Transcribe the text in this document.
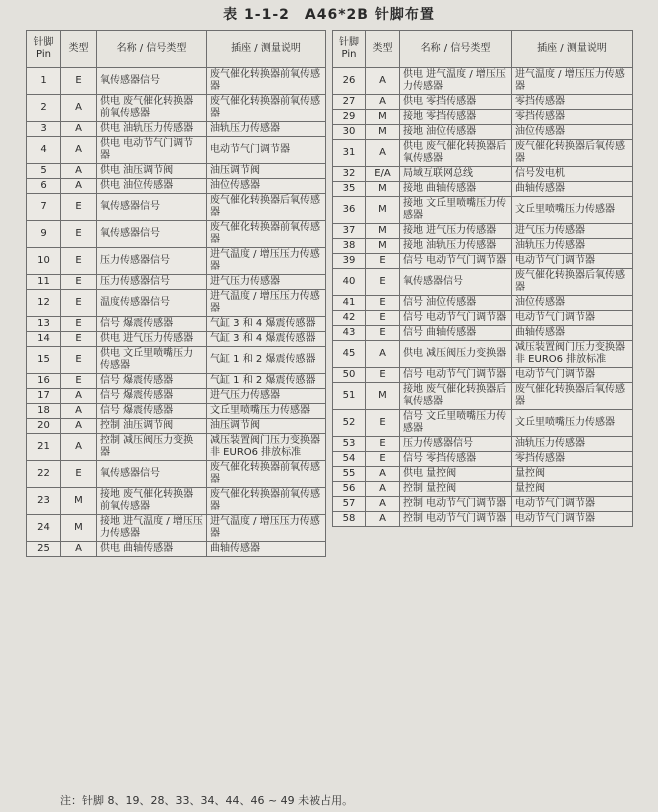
表 1-1-2　A46*2B 针脚布置
针脚 Pin	类型	名称 / 信号类型	插座 / 测量说明
1	E	氧传感器信号	废气催化转换器前氧传感器
2	A	供电 废气催化转换器前氧传感器	废气催化转换器前氧传感器
3	A	供电 油轨压力传感器	油轨压力传感器
4	A	供电 电动节气门调节器	电动节气门调节器
5	A	供电 油压调节阀	油压调节阀
6	A	供电 油位传感器	油位传感器
7	E	氧传感器信号	废气催化转换器后氧传感器
9	E	氧传感器信号	废气催化转换器前氧传感器
10	E	压力传感器信号	进气温度 / 增压压力传感器
11	E	压力传感器信号	进气压力传感器
12	E	温度传感器信号	进气温度 / 增压压力传感器
13	E	信号 爆震传感器	气缸 3 和 4 爆震传感器
14	E	供电 进气压力传感器	气缸 3 和 4 爆震传感器
15	E	供电 文丘里喷嘴压力传感器	气缸 1 和 2 爆震传感器
16	E	信号 爆震传感器	气缸 1 和 2 爆震传感器
17	A	信号 爆震传感器	进气压力传感器
18	A	信号 爆震传感器	文丘里喷嘴压力传感器
20	A	控制 油压调节阀	油压调节阀
21	A	控制 减压阀压力变换器	减压装置阀门压力变换器 非 EURO6 排放标准
22	E	氧传感器信号	废气催化转换器前氧传感器
23	M	接地 废气催化转换器前氧传感器	废气催化转换器前氧传感器
24	M	接地 进气温度 / 增压压力传感器	进气温度 / 增压压力传感器
25	A	供电 曲轴传感器	曲轴传感器
针脚 Pin	类型	名称 / 信号类型	插座 / 测量说明
26	A	供电 进气温度 / 增压压力传感器	进气温度 / 增压压力传感器
27	A	供电 零挡传感器	零挡传感器
29	M	接地 零挡传感器	零挡传感器
30	M	接地 油位传感器	油位传感器
31	A	供电 废气催化转换器后氧传感器	废气催化转换器后氧传感器
32	E/A	局域互联网总线	信号发电机
35	M	接地 曲轴传感器	曲轴传感器
36	M	接地 文丘里喷嘴压力传感器	文丘里喷嘴压力传感器
37	M	接地 进气压力传感器	进气压力传感器
38	M	接地 油轨压力传感器	油轨压力传感器
39	E	信号 电动节气门调节器	电动节气门调节器
40	E	氧传感器信号	废气催化转换器后氧传感器
41	E	信号 油位传感器	油位传感器
42	E	信号 电动节气门调节器	电动节气门调节器
43	E	信号 曲轴传感器	曲轴传感器
45	A	供电 减压阀压力变换器	减压装置阀门压力变换器 非 EURO6 排放标准
50	E	信号 电动节气门调节器	电动节气门调节器
51	M	接地 废气催化转换器后氧传感器	废气催化转换器后氧传感器
52	E	信号 文丘里喷嘴压力传感器	文丘里喷嘴压力传感器
53	E	压力传感器信号	油轨压力传感器
54	E	信号 零挡传感器	零挡传感器
55	A	供电 量控阀	量控阀
56	A	控制 量控阀	量控阀
57	A	控制 电动节气门调节器	电动节气门调节器
58	A	控制 电动节气门调节器	电动节气门调节器
注：针脚 8、19、28、33、34、44、46 ~ 49 未被占用。
